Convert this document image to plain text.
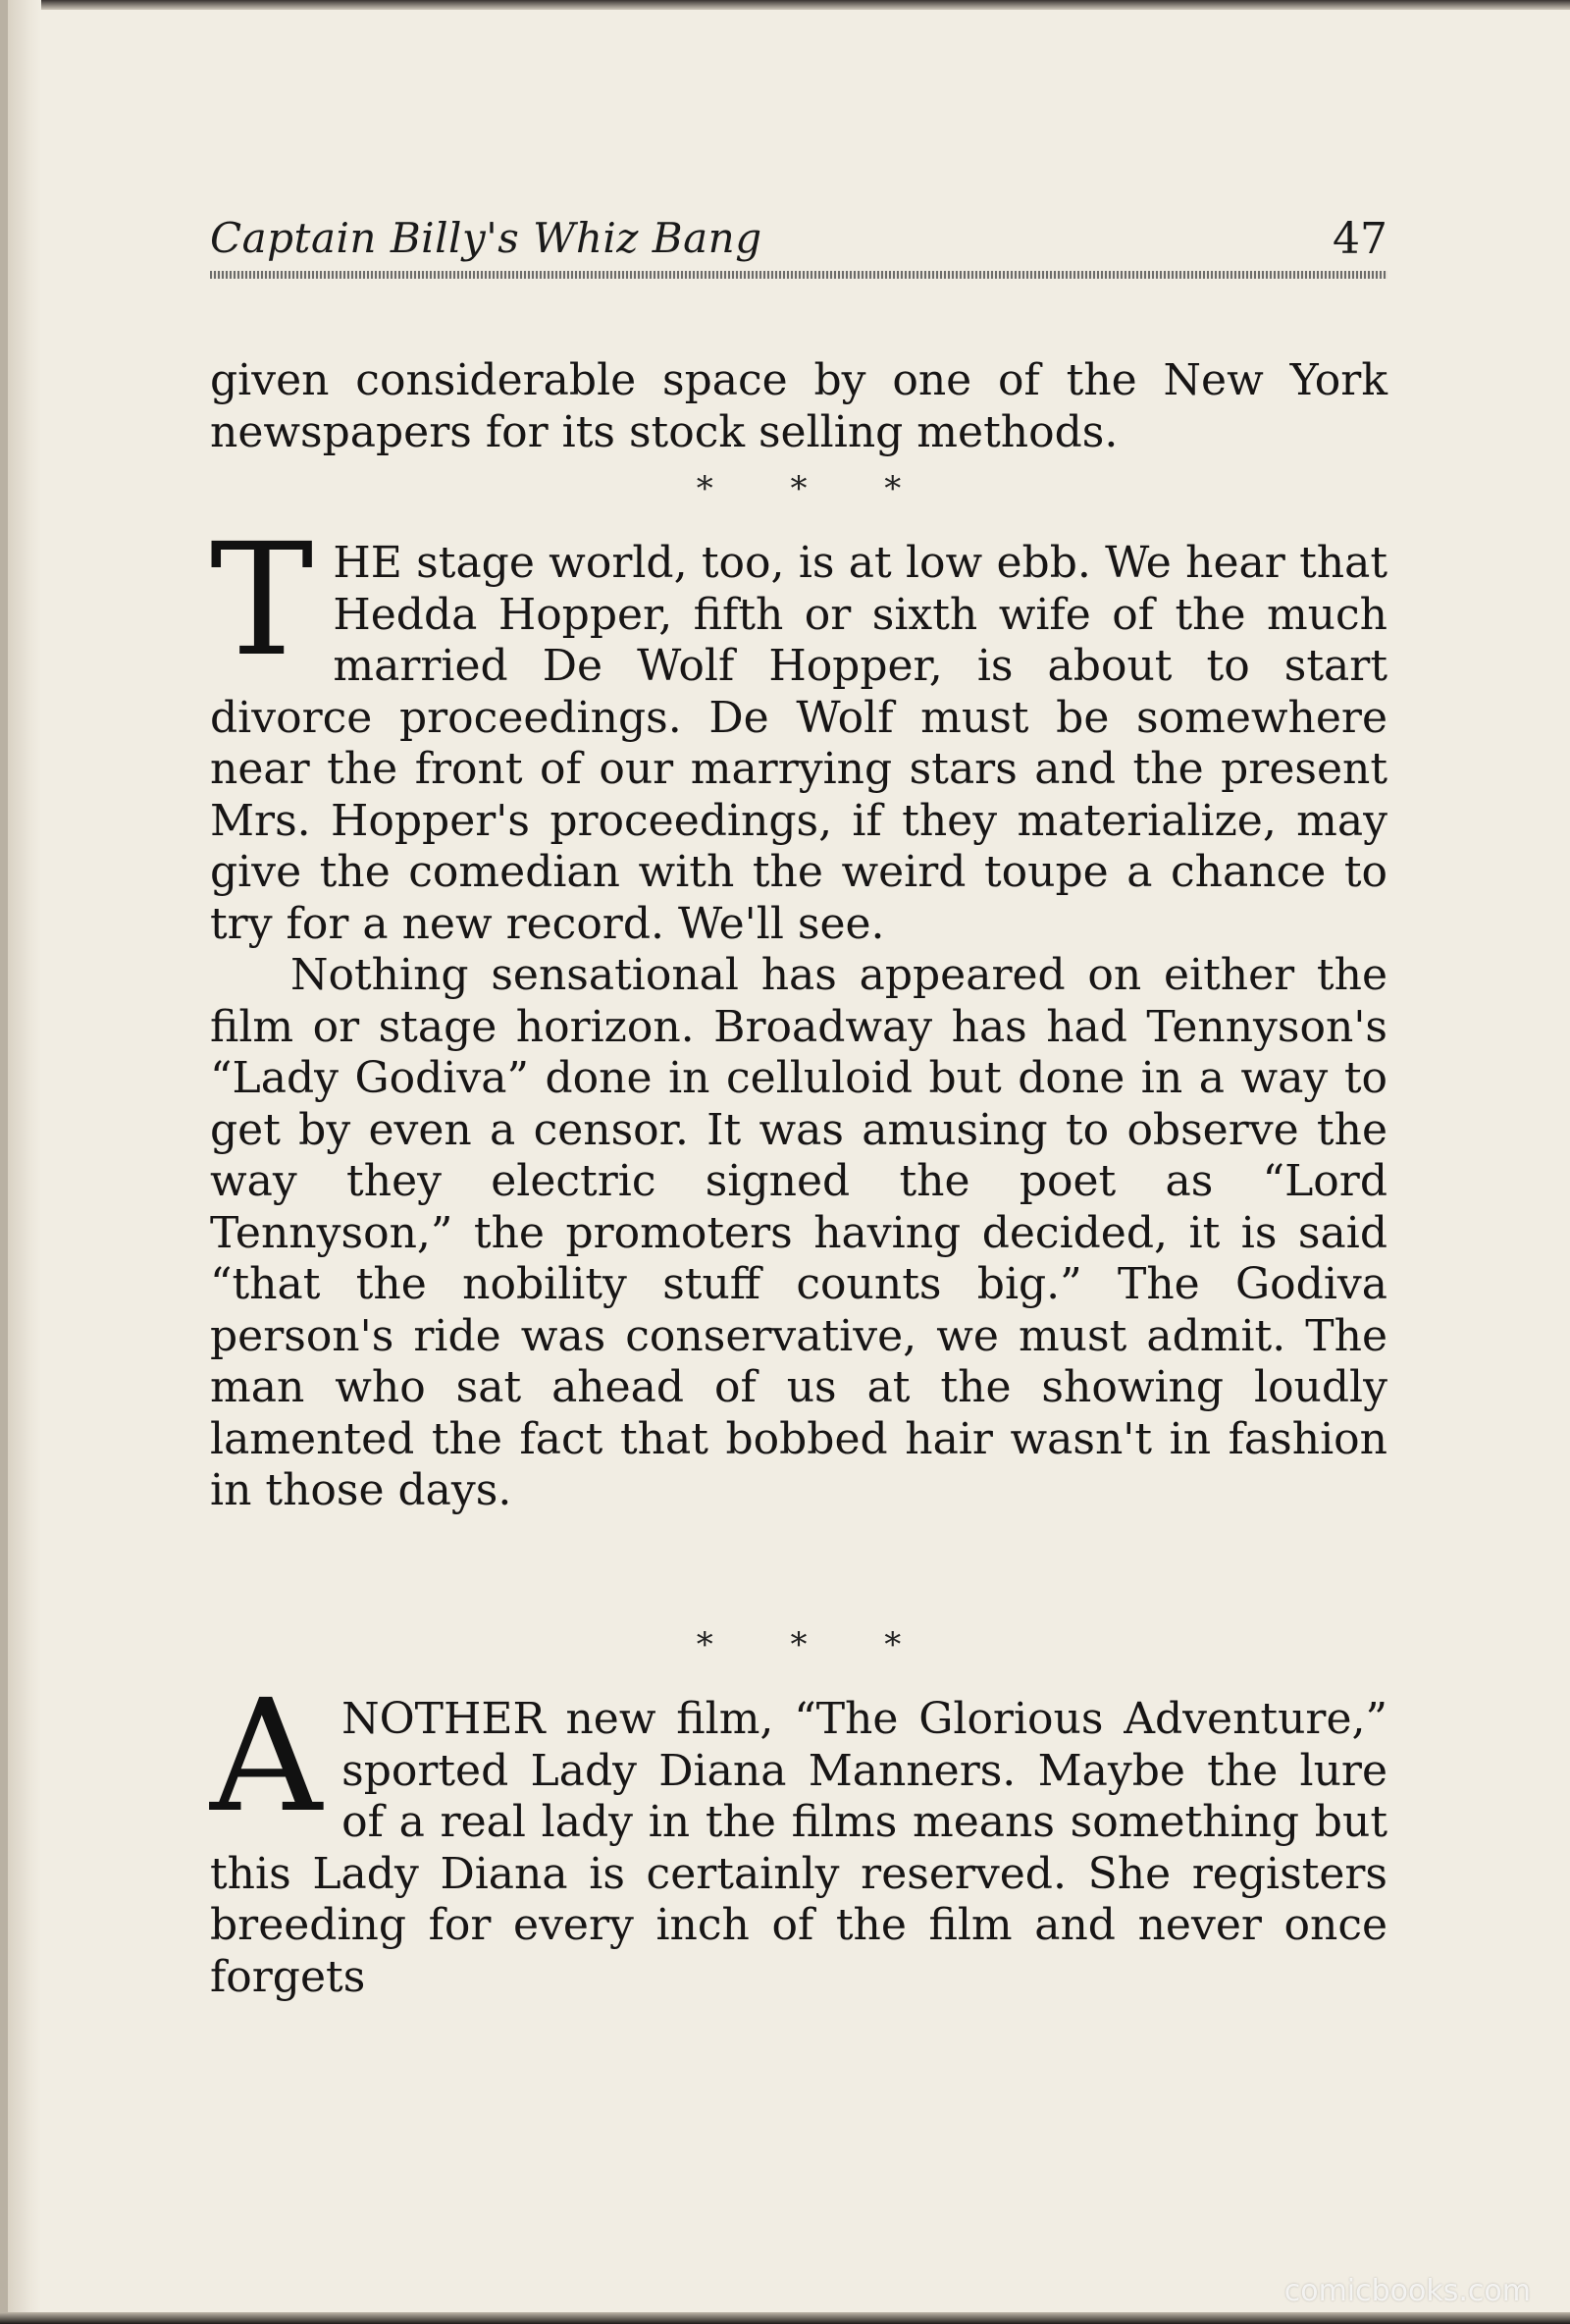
Captain Billy's Whiz Bang	47

given considerable space by one of the New York newspapers for its stock selling methods.

* * *
T HE stage world, too, is at low ebb. We hear that Hedda Hopper, fifth or sixth wife of the much married De Wolf Hopper, is about to start divorce proceedings. De Wolf must be somewhere near the front of our marrying stars and the present Mrs. Hopper's proceedings, if they materialize, may give the comedian with the weird toupe a chance to try for a new record. We'll see.

Nothing sensational has appeared on either the film or stage horizon. Broadway has had Tennyson's “Lady Godiva” done in celluloid but done in a way to get by even a censor. It was amusing to observe the way they electric signed the poet as “Lord Tennyson,” the promoters having decided, it is said “that the nobility stuff counts big.” The Godiva person's ride was conservative, we must admit. The man who sat ahead of us at the showing loudly lamented the fact that bobbed hair wasn't in fashion in those days.

* * *
A NOTHER new film, “The Glorious Adventure,” sported Lady Diana Manners. Maybe the lure of a real lady in the films means something but this Lady Diana is certainly reserved. She registers breeding for every inch of the film and never once forgets

comicbooks.com
